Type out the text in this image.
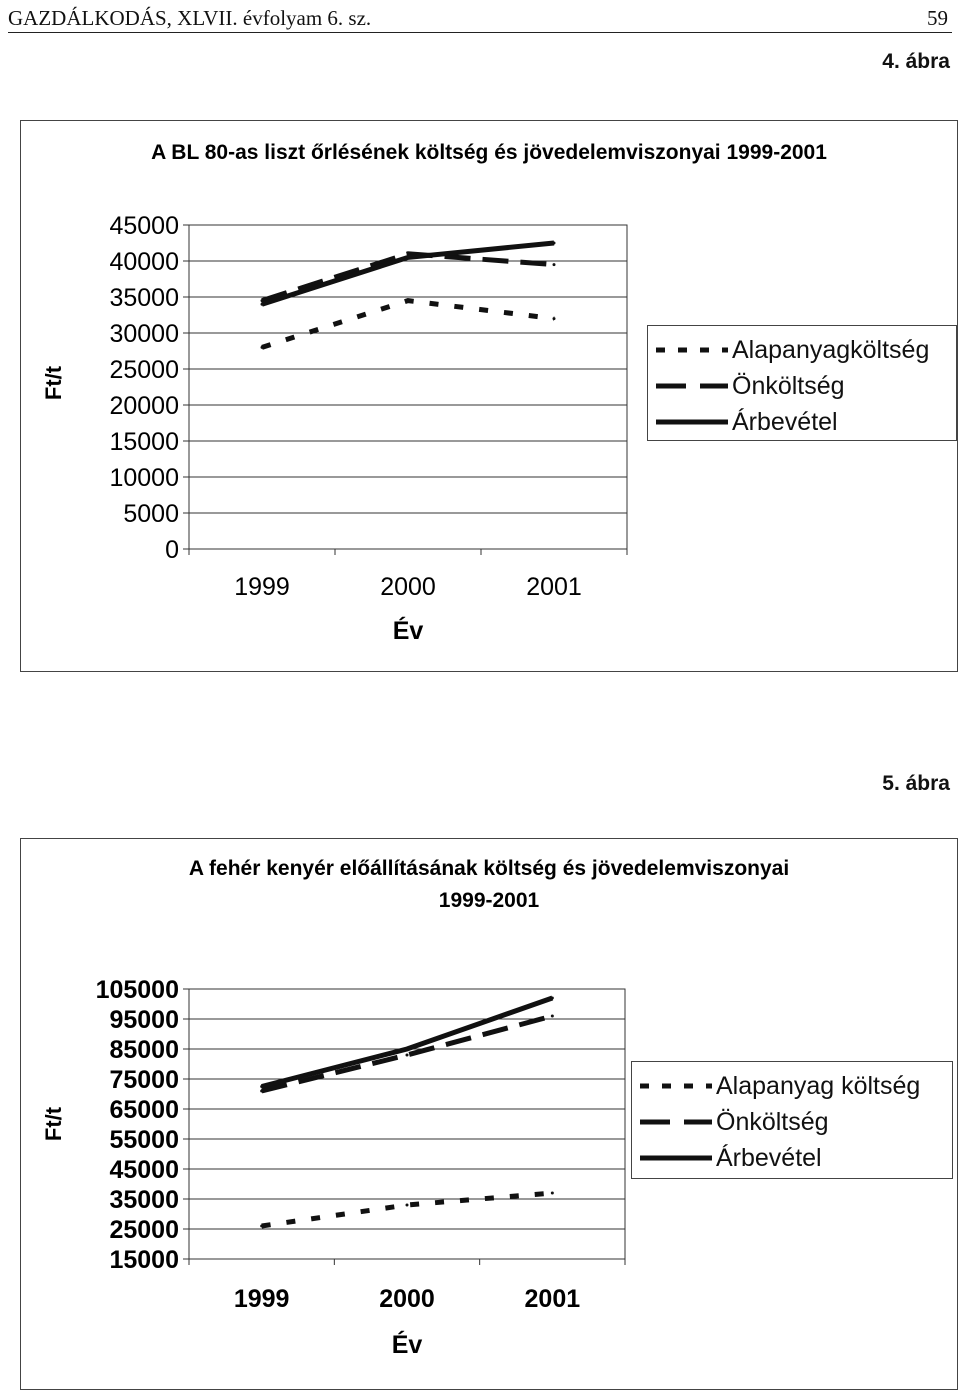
GAZDÁLKODÁS, XLVII. évfolyam 6. sz.	59
4. ábra
A BL 80-as liszt őrlésének költség és jövedelemviszonyai 1999-2001
45000
40000
35000
30000
25000
20000
15000
10000
5000
0
1999	2000	2001
Év
Ft/t
Alapanyagköltség
Önköltség
Árbevétel
5. ábra
A fehér kenyér előállításának költség és jövedelemviszonyai
1999-2001
105000
95000
85000
75000
65000
55000
45000
35000
25000
15000
1999	2000	2001
Év
Ft/t
Alapanyag költség
Önköltség
Árbevétel
